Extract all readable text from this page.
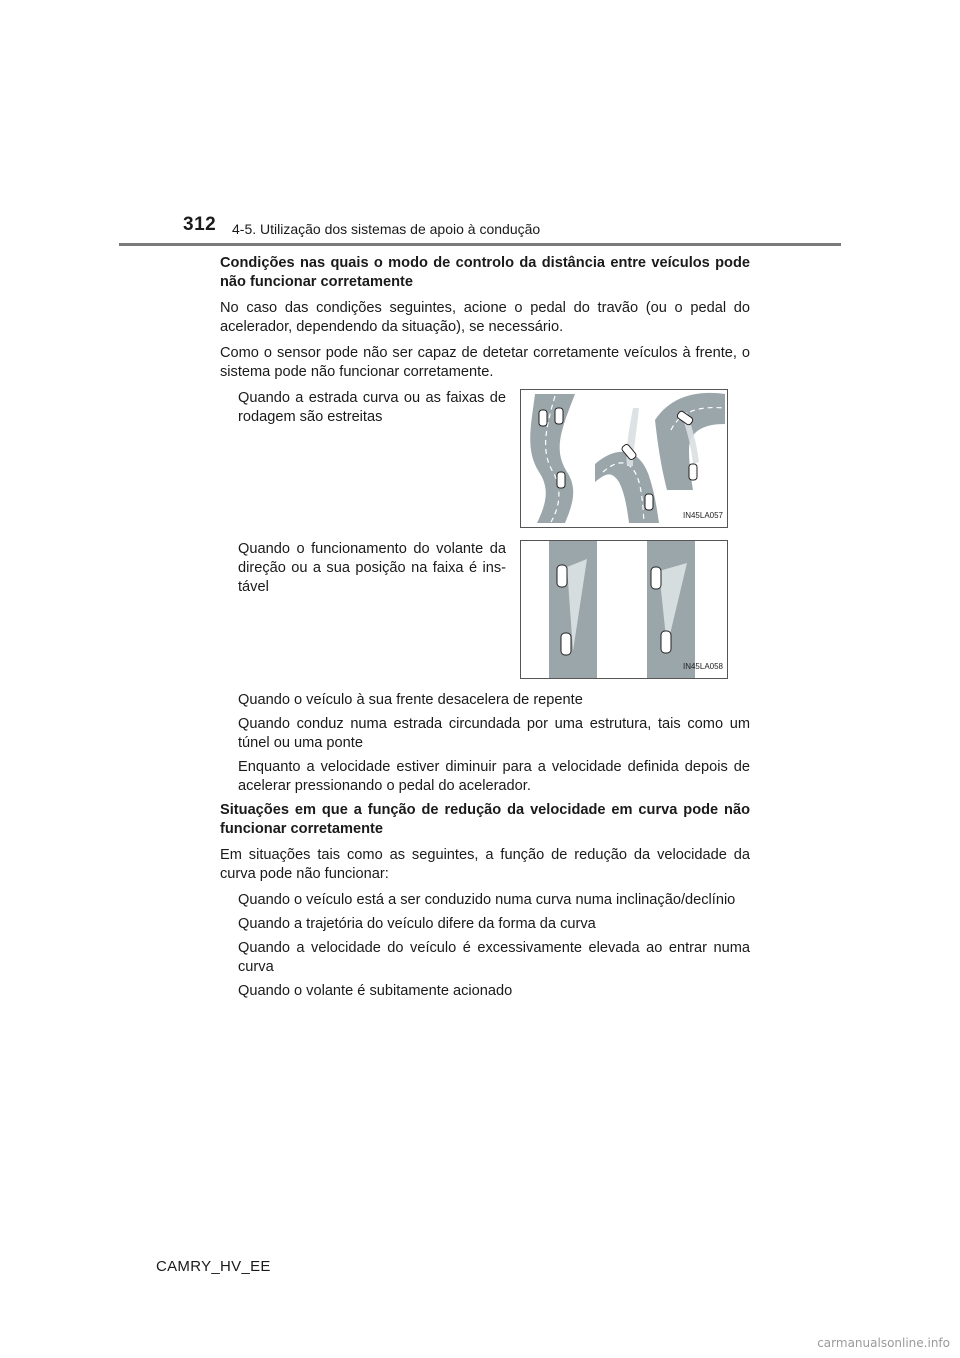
312 4-5. Utilização dos sistemas de apoio à condução

Condições nas quais o modo de controlo da distância entre veículos pode não funcionar corretamente

No caso das condições seguintes, acione o pedal do travão (ou o pedal do acelerador, dependendo da situação), se necessário.

Como o sensor pode não ser capaz de detetar corretamente veículos à frente, o sistema pode não funcionar corretamente.

Quando a estrada curva ou as faixas de rodagem são estreitas

IN45LA057

Quando o funcionamento do volante da direção ou a sua posição na faixa é ins-tável

IN45LA058

Quando o veículo à sua frente desacelera de repente

Quando conduz numa estrada circundada por uma estrutura, tais como um túnel ou uma ponte

Enquanto a velocidade estiver diminuir para a velocidade definida depois de acelerar pressionando o pedal do acelerador.

Situações em que a função de redução da velocidade em curva pode não funcionar corretamente

Em situações tais como as seguintes, a função de redução da velocidade da curva pode não funcionar:

Quando o veículo está a ser conduzido numa curva numa inclinação/declínio

Quando a trajetória do veículo difere da forma da curva

Quando a velocidade do veículo é excessivamente elevada ao entrar numa curva

Quando o volante é subitamente acionado

CAMRY_HV_EE
carmanualsonline.info
